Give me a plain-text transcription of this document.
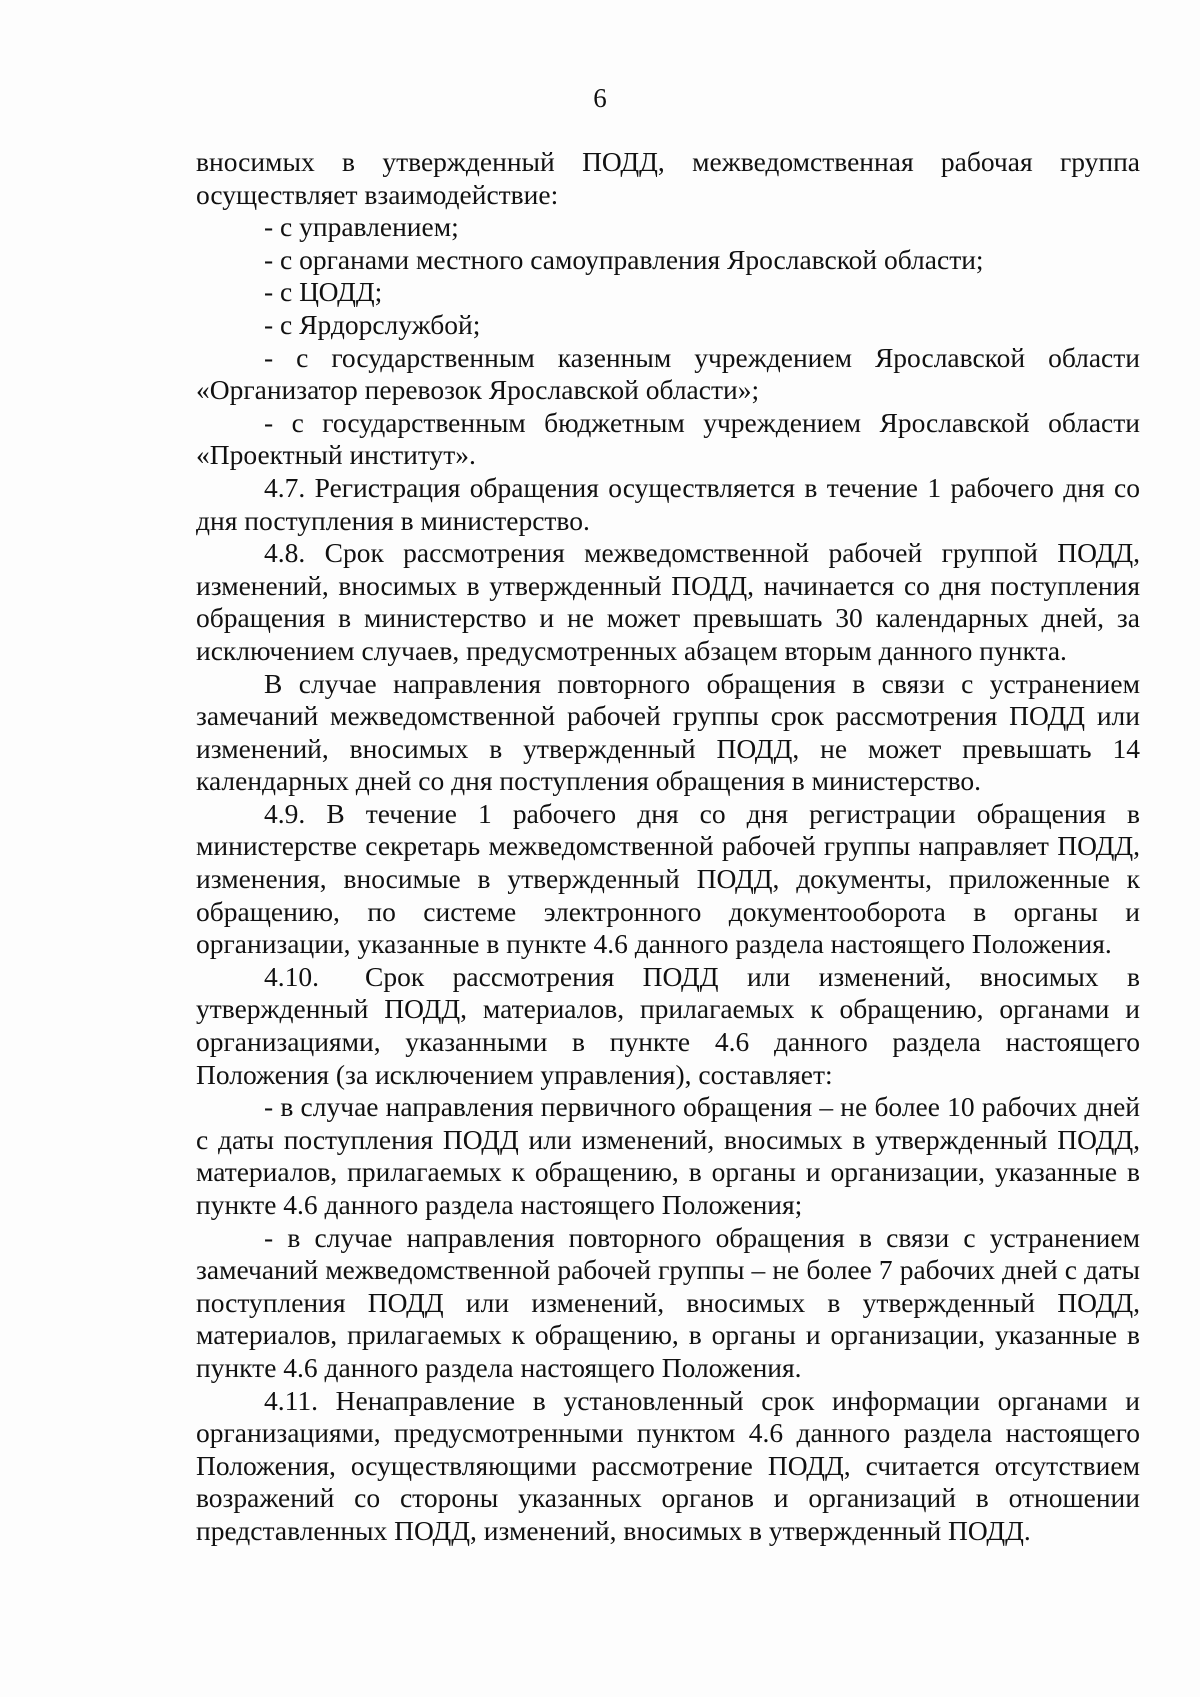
6

вносимых в утвержденный ПОДД, межведомственная рабочая группа осуществляет взаимодействие:

- с управлением;

- с органами местного самоуправления Ярославской области;

- с ЦОДД;

- с Ярдорслужбой;

- с государственным казенным учреждением Ярославской области «Организатор перевозок Ярославской области»;

- с государственным бюджетным учреждением Ярославской области «Проектный институт».

4.7. Регистрация обращения осуществляется в течение 1 рабочего дня со дня поступления в министерство.

4.8. Срок рассмотрения межведомственной рабочей группой ПОДД, изменений, вносимых в утвержденный ПОДД, начинается со дня поступления обращения в министерство и не может превышать 30 календарных дней, за исключением случаев, предусмотренных абзацем вторым данного пункта.

В случае направления повторного обращения в связи с устранением замечаний межведомственной рабочей группы срок рассмотрения ПОДД или изменений, вносимых в утвержденный ПОДД, не может превышать 14 календарных дней со дня поступления обращения в министерство.

4.9. В течение 1 рабочего дня со дня регистрации обращения в министерстве секретарь межведомственной рабочей группы направляет ПОДД, изменения, вносимые в утвержденный ПОДД, документы, приложенные к обращению, по системе электронного документооборота в органы и организации, указанные в пункте 4.6 данного раздела настоящего Положения.

4.10. Срок рассмотрения ПОДД или изменений, вносимых в утвержденный ПОДД, материалов, прилагаемых к обращению, органами и организациями, указанными в пункте 4.6 данного раздела настоящего Положения (за исключением управления), составляет:

- в случае направления первичного обращения – не более 10 рабочих дней с даты поступления ПОДД или изменений, вносимых в утвержденный ПОДД, материалов, прилагаемых к обращению, в органы и организации, указанные в пункте 4.6 данного раздела настоящего Положения;

- в случае направления повторного обращения в связи с устранением замечаний межведомственной рабочей группы – не более 7 рабочих дней с даты поступления ПОДД или изменений, вносимых в утвержденный ПОДД, материалов, прилагаемых к обращению, в органы и организации, указанные в пункте 4.6 данного раздела настоящего Положения.

4.11. Ненаправление в установленный срок информации органами и организациями, предусмотренными пунктом 4.6 данного раздела настоящего Положения, осуществляющими рассмотрение ПОДД, считается отсутствием возражений со стороны указанных органов и организаций в отношении представленных ПОДД, изменений, вносимых в утвержденный ПОДД.
